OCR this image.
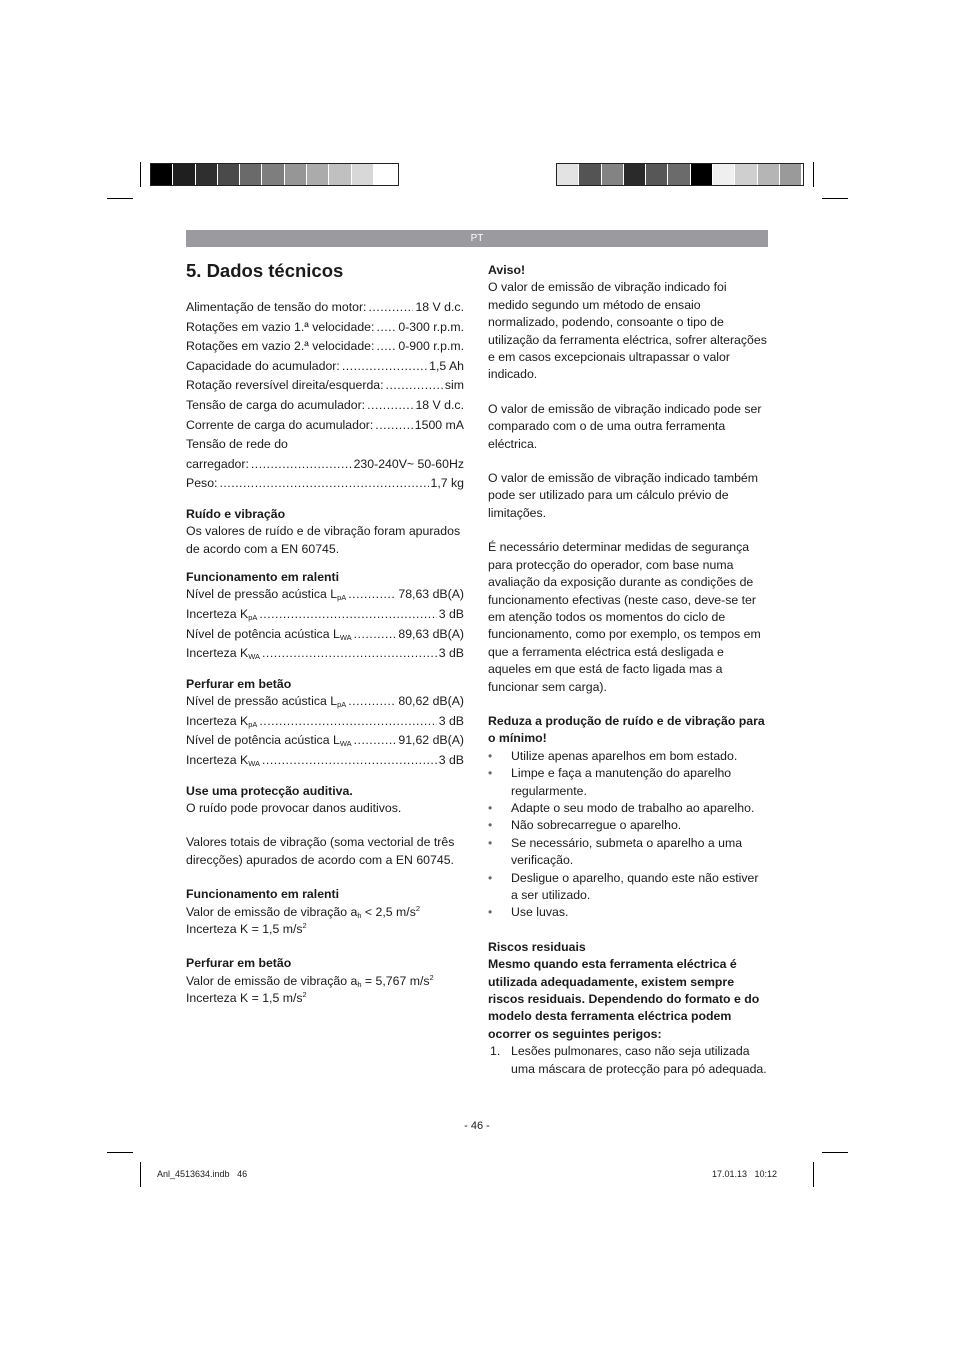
PT
5. Dados técnicos
Alimentação de tensão do motor: .....	18 V d.c.
Rotações em vazio 1.ª velocidade: ..... 0-300 r.p.m.
Rotações em vazio 2.ª velocidade: ..... 0-900 r.p.m.
Capacidade do acumulador: .....	1,5 Ah
Rotação reversível direita/esquerda: .....	sim
Tensão de carga do acumulador: .....	18 V d.c.
Corrente de carga do acumulador: .....	1500 mA
Tensão de rede do
carregador: .....	230-240V~ 50-60Hz
Peso: .....	1,7 kg

Ruído e vibração

Os valores de ruído e de vibração foram apurados de acordo com a EN 60745.

Funcionamento em ralenti

Nível de pressão acústica $L_{pA}$ .....	78,63 dB(A)
Incerteza $K_{pA}$ .....	3 dB
Nível de potência acústica $L_{WA}$ .....	89,63 dB(A)
Incerteza $K_{WA}$ .....	3 dB

Perfurar em betão

Nível de pressão acústica $L_{pA}$ .....	80,62 dB(A)
Incerteza $K_{pA}$ .....	3 dB
Nível de potência acústica $L_{WA}$ .....	91,62 dB(A)
Incerteza $K_{WA}$ .....	3 dB

Use uma protecção auditiva.

O ruído pode provocar danos auditivos.

Valores totais de vibração (soma vectorial de três direcções) apurados de acordo com a EN 60745.

Funcionamento em ralenti

Valor de emissão de vibração $a_h < 2,5$ $m/s^2$

Incerteza K = 1,5 $m/s^2$

Perfurar em betão

Valor de emissão de vibração $a_h = 5,767$ $m/s^2$

Incerteza K = 1,5 $m/s^2$

Aviso!

O valor de emissão de vibração indicado foi medido segundo um método de ensaio normalizado, podendo, consoante o tipo de utilização da ferramenta eléctrica, sofrer alterações e em casos excepcionais ultrapassar o valor indicado.

O valor de emissão de vibração indicado pode ser comparado com o de uma outra ferramenta eléctrica.

O valor de emissão de vibração indicado também pode ser utilizado para um cálculo prévio de limitações.

É necessário determinar medidas de segurança para protecção do operador, com base numa avaliação da exposição durante as condições de funcionamento efectivas (neste caso, deve-se ter em atenção todos os momentos do ciclo de funcionamento, como por exemplo, os tempos em que a ferramenta eléctrica está desligada e aqueles em que está de facto ligada mas a funcionar sem carga).

Reduza a produção de ruído e de vibração para o mínimo!

• Utilize apenas aparelhos em bom estado.
• Limpe e faça a manutenção do aparelho regularmente.
• Adapte o seu modo de trabalho ao aparelho.
• Não sobrecarregue o aparelho.
• Se necessário, submeta o aparelho a uma verificação.
• Desligue o aparelho, quando este não estiver a ser utilizado.
• Use luvas.

Riscos residuais

Mesmo quando esta ferramenta eléctrica é utilizada adequadamente, existem sempre riscos residuais. Dependendo do formato e do modelo desta ferramenta eléctrica podem ocorrer os seguintes perigos:

1. Lesões pulmonares, caso não seja utilizada uma máscara de protecção para pó adequada.
- 46 -
Anl_4513634.indb   46	17.01.13   10:12
